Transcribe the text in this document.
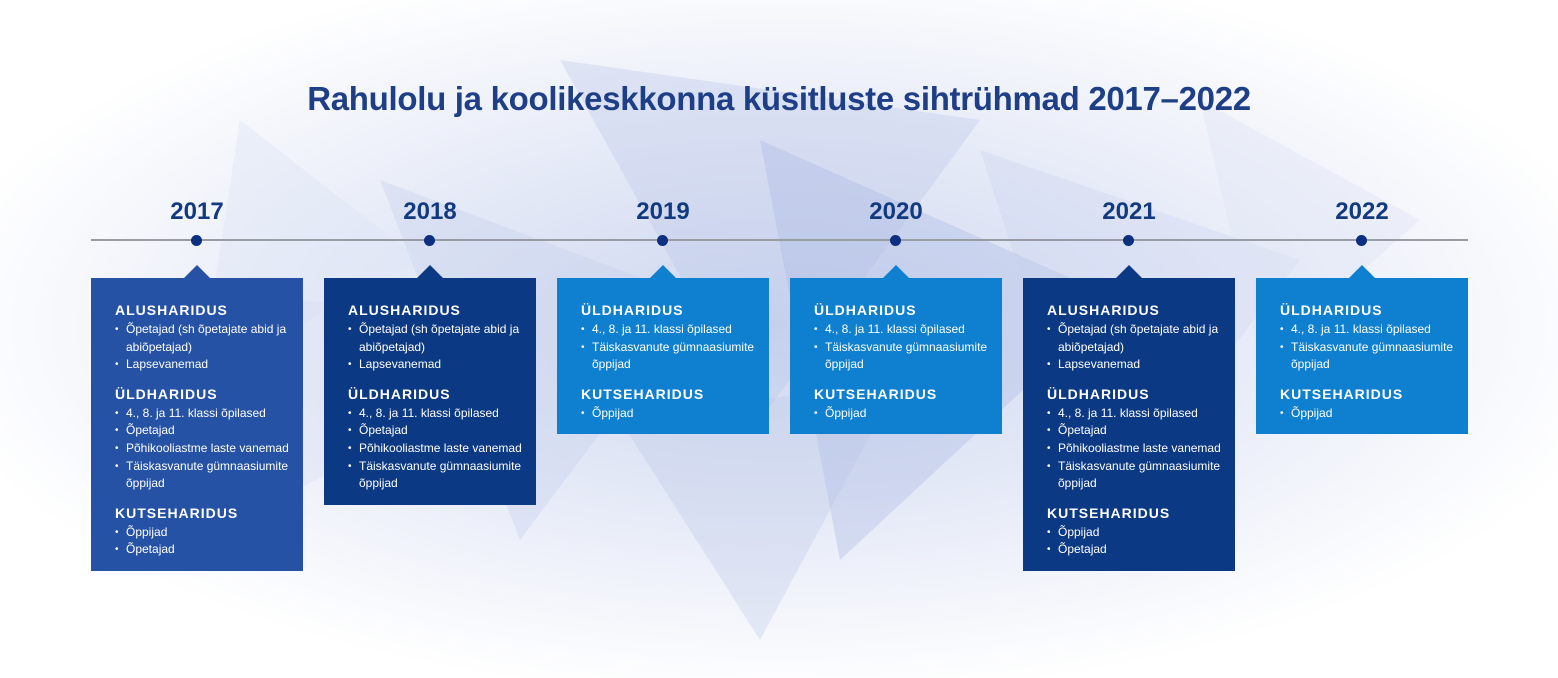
Rahulolu ja koolikeskkonna küsitluste sihtrühmad 2017–2022
2017
ALUSHARIDUS
• Õpetajad (sh õpetajate abid ja abiõpetajad)
• Lapsevanemad
ÜLDHARIDUS
• 4., 8. ja 11. klassi õpilased
• Õpetajad
• Põhikooliastme laste vanemad
• Täiskasvanute gümnaasiumite õppijad
KUTSEHARIDUS
• Õppijad
• Õpetajad
2018
ALUSHARIDUS
• Õpetajad (sh õpetajate abid ja abiõpetajad)
• Lapsevanemad
ÜLDHARIDUS
• 4., 8. ja 11. klassi õpilased
• Õpetajad
• Põhikooliastme laste vanemad
• Täiskasvanute gümnaasiumite õppijad
2019
ÜLDHARIDUS
• 4., 8. ja 11. klassi õpilased
• Täiskasvanute gümnaasiumite õppijad
KUTSEHARIDUS
• Õppijad
2020
ÜLDHARIDUS
• 4., 8. ja 11. klassi õpilased
• Täiskasvanute gümnaasiumite õppijad
KUTSEHARIDUS
• Õppijad
2021
ALUSHARIDUS
• Õpetajad (sh õpetajate abid ja abiõpetajad)
• Lapsevanemad
ÜLDHARIDUS
• 4., 8. ja 11. klassi õpilased
• Õpetajad
• Põhikooliastme laste vanemad
• Täiskasvanute gümnaasiumite õppijad
KUTSEHARIDUS
• Õppijad
• Õpetajad
2022
ÜLDHARIDUS
• 4., 8. ja 11. klassi õpilased
• Täiskasvanute gümnaasiumite õppijad
KUTSEHARIDUS
• Õppijad
